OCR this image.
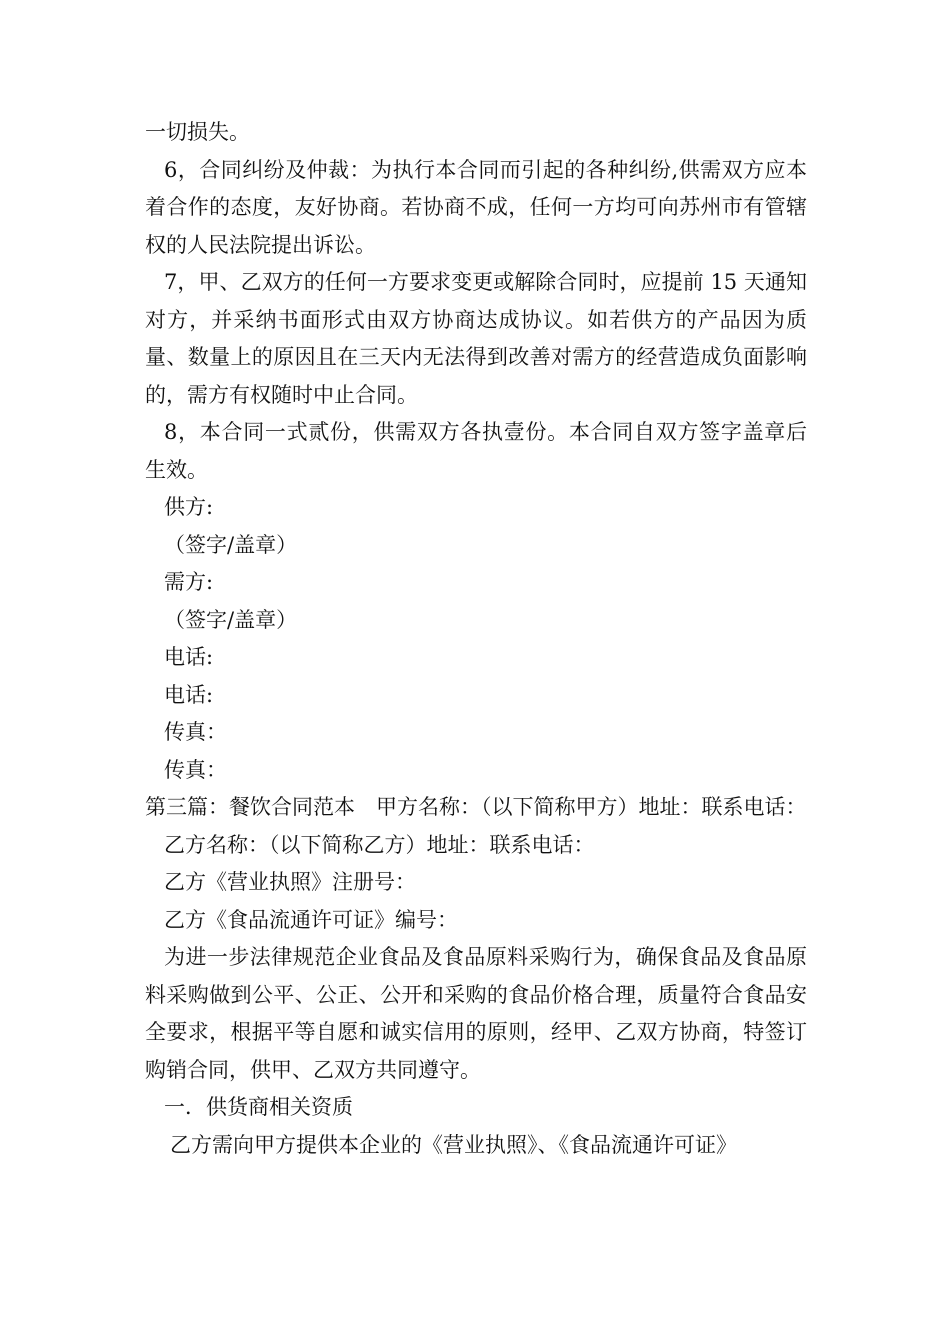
一切损失。

6，合同纠纷及仲裁：为执行本合同而引起的各种纠纷,供需双方应本着合作的态度，友好协商。若协商不成，任何一方均可向苏州市有管辖权的人民法院提出诉讼。

7，甲、乙双方的任何一方要求变更或解除合同时，应提前 15 天通知对方，并采纳书面形式由双方协商达成协议。如若供方的产品因为质量、数量上的原因且在三天内无法得到改善对需方的经营造成负面影响的，需方有权随时中止合同。

8，本合同一式贰份，供需双方各执壹份。本合同自双方签字盖章后生效。

供方:

（签字/盖章）

需方:

（签字/盖章）

电话:

电话:

传真：

传真：

第三篇：餐饮合同范本　甲方名称：（以下简称甲方）地址：联系电话：

乙方名称：（以下简称乙方）地址：联系电话：

乙方《营业执照》注册号：

乙方《食品流通许可证》编号：

为进一步法律规范企业食品及食品原料采购行为，确保食品及食品原料采购做到公平、公正、公开和采购的食品价格合理，质量符合食品安全要求，根据平等自愿和诚实信用的原则，经甲、乙双方协商，特签订购销合同，供甲、乙双方共同遵守。

一．供货商相关资质

乙方需向甲方提供本企业的《营业执照》、《食品流通许可证》
